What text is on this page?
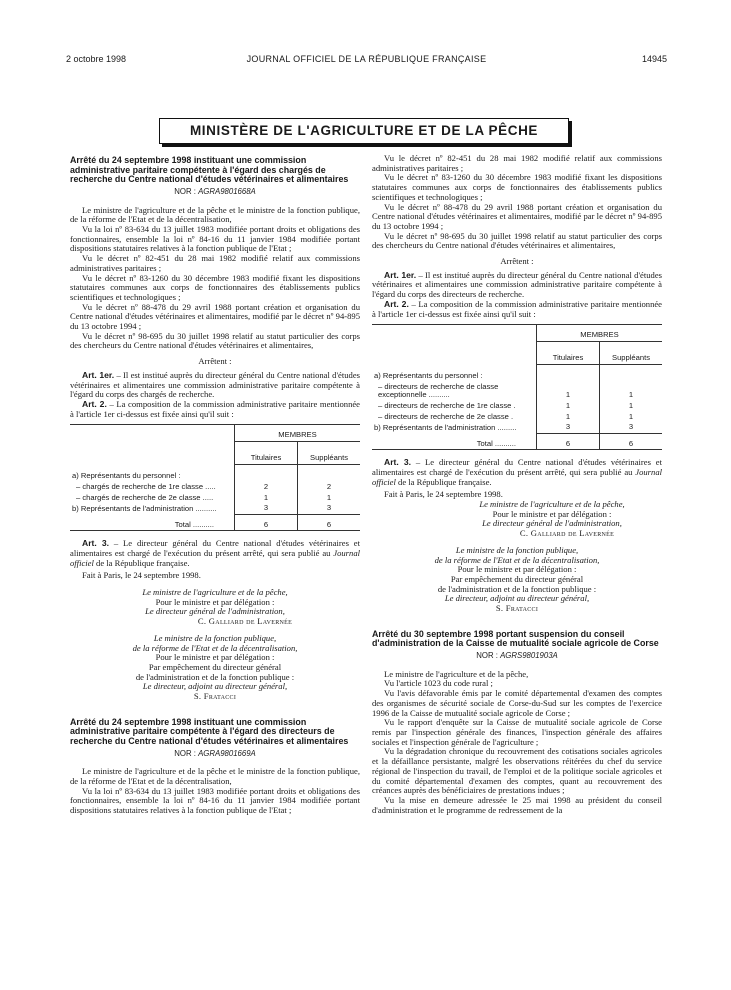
2 octobre 1998	JOURNAL OFFICIEL DE LA RÉPUBLIQUE FRANÇAISE	14945
MINISTÈRE DE L'AGRICULTURE ET DE LA PÊCHE
Arrêté du 24 septembre 1998 instituant une commission administrative paritaire compétente à l'égard des chargés de recherche du Centre national d'études vétérinaires et alimentaires
NOR : AGRA9801668A

Le ministre de l'agriculture et de la pêche et le ministre de la fonction publique, de la réforme de l'Etat et de la décentralisation,

Vu la loi nº 83-634 du 13 juillet 1983 modifiée portant droits et obligations des fonctionnaires, ensemble la loi nº 84-16 du 11 janvier 1984 modifiée portant dispositions statutaires relatives à la fonction publique de l'Etat ;

Vu le décret nº 82-451 du 28 mai 1982 modifié relatif aux commissions administratives paritaires ;

Vu le décret nº 83-1260 du 30 décembre 1983 modifié fixant les dispositions statutaires communes aux corps de fonctionnaires des établissements publics scientifiques et technologiques ;

Vu le décret nº 88-478 du 29 avril 1988 portant création et organisation du Centre national d'études vétérinaires et alimentaires, modifié par le décret nº 94-895 du 13 octobre 1994 ;

Vu le décret nº 98-695 du 30 juillet 1998 relatif au statut particulier des corps des chercheurs du Centre national d'études vétérinaires et alimentaires,

Arrêtent :

Art. 1er. – Il est institué auprès du directeur général du Centre national d'études vétérinaires et alimentaires une commission administrative paritaire compétente à l'égard du corps des chargés de recherche.

Art. 2. – La composition de la commission administrative paritaire mentionnée à l'article 1er ci-dessus est fixée ainsi qu'il suit :

	MEMBRES	
	Titulaires	Suppléants
a) Représentants du personnel :		
– chargés de recherche de 1re classe .....	2	2
– chargés de recherche de 2e classe .....	1	1
b) Représentants de l'administration ..........	3	3
Total ..........	6	6

Art. 3. – Le directeur général du Centre national d'études vétérinaires et alimentaires est chargé de l'exécution du présent arrêté, qui sera publié au Journal officiel de la République française.

Fait à Paris, le 24 septembre 1998.

Le ministre de l'agriculture et de la pêche,

Pour le ministre et par délégation :

Le directeur général de l'administration,

C. Galliard de Lavernée

Le ministre de la fonction publique,

de la réforme de l'Etat et de la décentralisation,

Pour le ministre et par délégation :

Par empêchement du directeur général

de l'administration et de la fonction publique :

Le directeur, adjoint au directeur général,

S. Fratacci

Arrêté du 24 septembre 1998 instituant une commission administrative paritaire compétente à l'égard des directeurs de recherche du Centre national d'études vétérinaires et alimentaires
NOR : AGRA9801669A

Le ministre de l'agriculture et de la pêche et le ministre de la fonction publique, de la réforme de l'Etat et de la décentralisation,

Vu la loi nº 83-634 du 13 juillet 1983 modifiée portant droits et obligations des fonctionnaires, ensemble la loi nº 84-16 du 11 janvier 1984 modifiée portant dispositions statutaires relatives à la fonction publique de l'Etat ;

Vu le décret nº 82-451 du 28 mai 1982 modifié relatif aux commissions administratives paritaires ;

Vu le décret nº 83-1260 du 30 décembre 1983 modifié fixant les dispositions statutaires communes aux corps de fonctionnaires des établissements publics scientifiques et technologiques ;

Vu le décret nº 88-478 du 29 avril 1988 portant création et organisation du Centre national d'études vétérinaires et alimentaires, modifié par le décret nº 94-895 du 13 octobre 1994 ;

Vu le décret nº 98-695 du 30 juillet 1998 relatif au statut particulier des corps des chercheurs du Centre national d'études vétérinaires et alimentaires,

Arrêtent :

Art. 1er. – Il est institué auprès du directeur général du Centre national d'études vétérinaires et alimentaires une commission administrative paritaire compétente à l'égard du corps des directeurs de recherche.

Art. 2. – La composition de la commission administrative paritaire mentionnée à l'article 1er ci-dessus est fixée ainsi qu'il suit :

	MEMBRES	
	Titulaires	Suppléants
a) Représentants du personnel :		
– directeurs de recherche de classe exceptionnelle ..........	1	1
– directeurs de recherche de 1re classe .	1	1
– directeurs de recherche de 2e classe .	1	1
b) Représentants de l'administration .........	3	3
Total ..........	6	6

Art. 3. – Le directeur général du Centre national d'études vétérinaires et alimentaires est chargé de l'exécution du présent arrêté, qui sera publié au Journal officiel de la République française.

Fait à Paris, le 24 septembre 1998.

Le ministre de l'agriculture et de la pêche,

Pour le ministre et par délégation :

Le directeur général de l'administration,

C. Galliard de Lavernée

Le ministre de la fonction publique,

de la réforme de l'Etat et de la décentralisation,

Pour le ministre et par délégation :

Par empêchement du directeur général

de l'administration et de la fonction publique :

Le directeur, adjoint au directeur général,

S. Fratacci

Arrêté du 30 septembre 1998 portant suspension du conseil d'administration de la Caisse de mutualité sociale agricole de Corse
NOR : AGRS9801903A

Le ministre de l'agriculture et de la pêche,

Vu l'article 1023 du code rural ;

Vu l'avis défavorable émis par le comité départemental d'examen des comptes des organismes de sécurité sociale de Corse-du-Sud sur les comptes de l'exercice 1996 de la Caisse de mutualité sociale agricole de Corse ;

Vu le rapport d'enquête sur la Caisse de mutualité sociale agricole de Corse remis par l'inspection générale des finances, l'inspection générale des affaires sociales et l'inspection générale de l'agriculture ;

Vu la dégradation chronique du recouvrement des cotisations sociales agricoles et la défaillance persistante, malgré les observations réitérées du chef du service régional de l'inspection du travail, de l'emploi et de la politique sociale agricoles et du comité départemental d'examen des comptes, quant au recouvrement des créances auprès des bénéficiaires de prestations indues ;

Vu la mise en demeure adressée le 25 mai 1998 au président du conseil d'administration et le programme de redressement de la
